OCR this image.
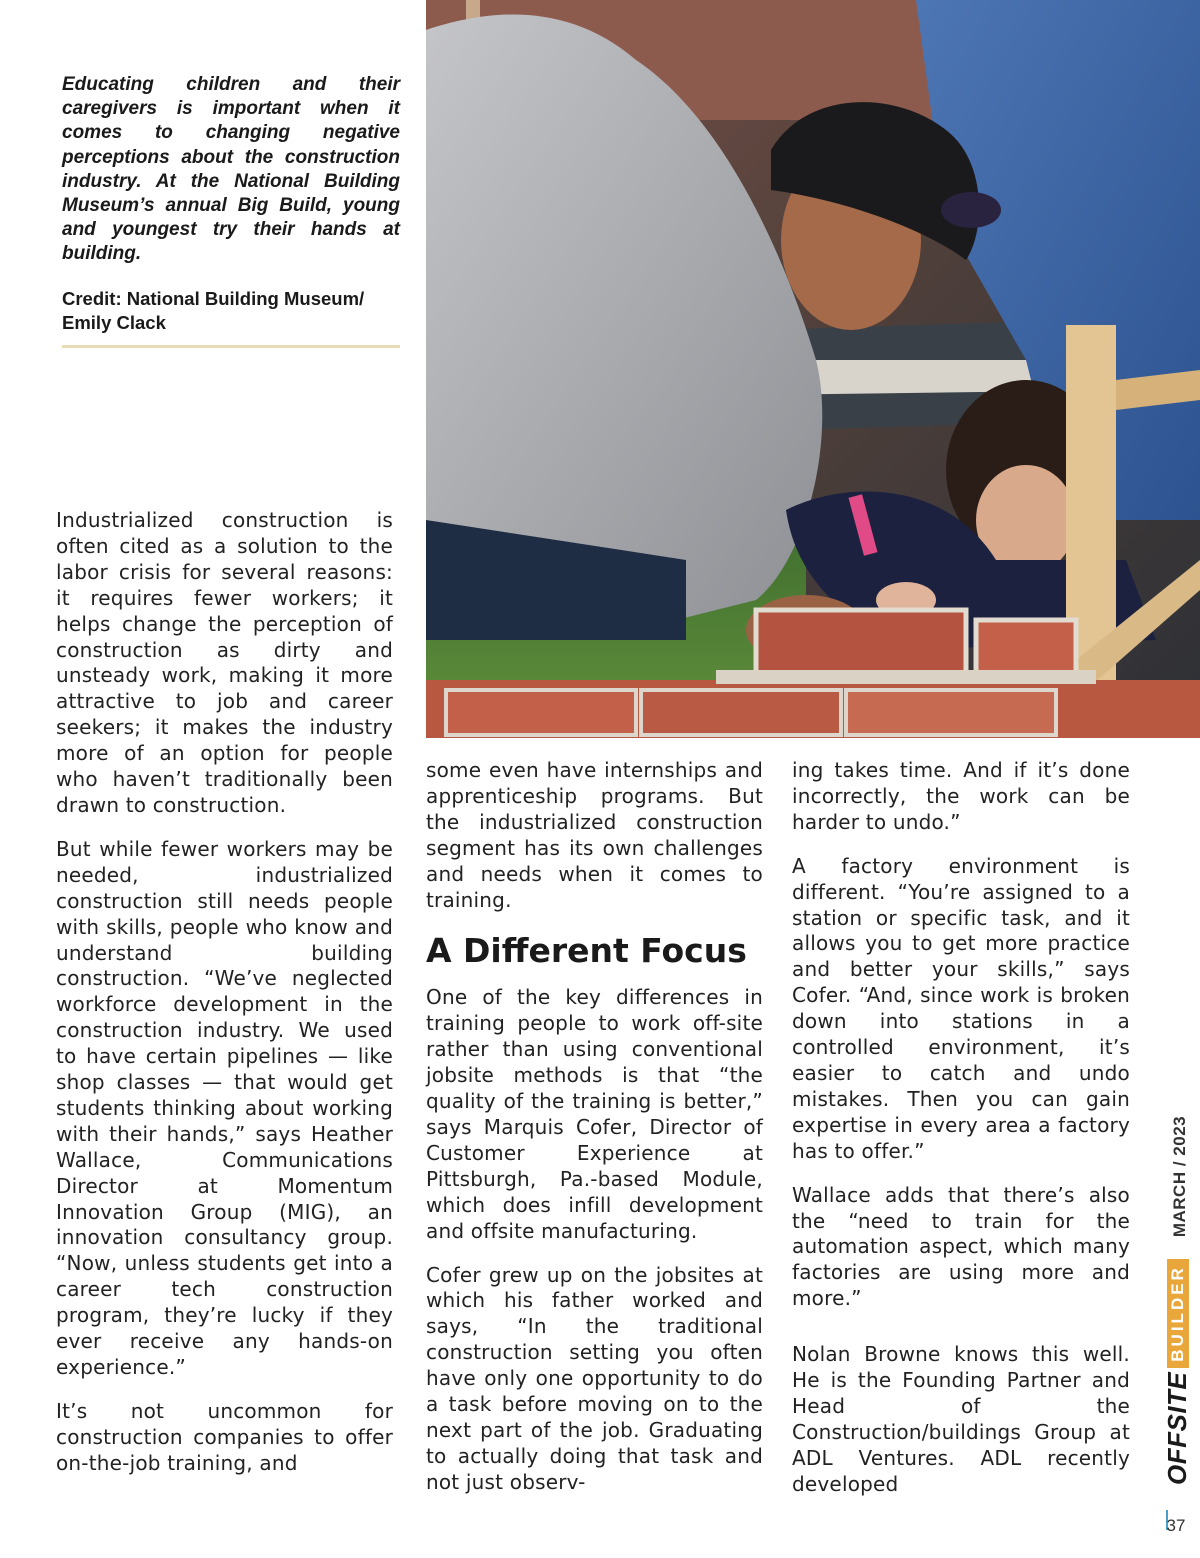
Educating children and their caregivers is important when it comes to changing negative perceptions about the construction industry. At the National Building Museum’s annual Big Build, young and youngest try their hands at building.

Credit: National Building Museum/
Emily Clack

Industrialized construction is often cited as a solution to the labor crisis for several reasons: it requires fewer workers; it helps change the perception of construction as dirty and unsteady work, making it more attractive to job and career seekers; it makes the industry more of an option for people who haven’t traditionally been drawn to construction.

But while fewer workers may be needed, industrialized construction still needs people with skills, people who know and understand building construction. “We’ve neglected workforce development in the construction industry. We used to have certain pipelines — like shop classes — that would get students thinking about working with their hands,” says Heather Wallace, Communications Director at Momentum Innovation Group (MIG), an innovation consultancy group. “Now, unless students get into a career tech construction program, they’re lucky if they ever receive any hands-on experience.”

It’s not uncommon for construction companies to offer on-the-job training, and

some even have internships and apprenticeship programs. But the industrialized construction segment has its own challenges and needs when it comes to training.

A Different Focus

One of the key differences in training people to work off-site rather than using conventional jobsite methods is that “the quality of the training is better,” says Marquis Cofer, Director of Customer Experience at Pittsburgh, Pa.-based Module, which does infill development and offsite manufacturing.

Cofer grew up on the jobsites at which his father worked and says, “In the traditional construction setting you often have only one opportunity to do a task before moving on to the next part of the job. Graduating to actually doing that task and not just observ-

ing takes time. And if it’s done incorrectly, the work can be harder to undo.”

A factory environment is different. “You’re assigned to a station or specific task, and it allows you to get more practice and better your skills,” says Cofer. “And, since work is broken down into stations in a controlled environment, it’s easier to catch and undo mistakes. Then you can gain expertise in every area a factory has to offer.”

Wallace adds that there’s also the “need to train for the automation aspect, which many factories are using more and more.”

Nolan Browne knows this well. He is the Founding Partner and Head of the Construction/buildings Group at ADL Ventures. ADL recently developed	OFFSITE
BUILDER
MARCH / 2023
37
